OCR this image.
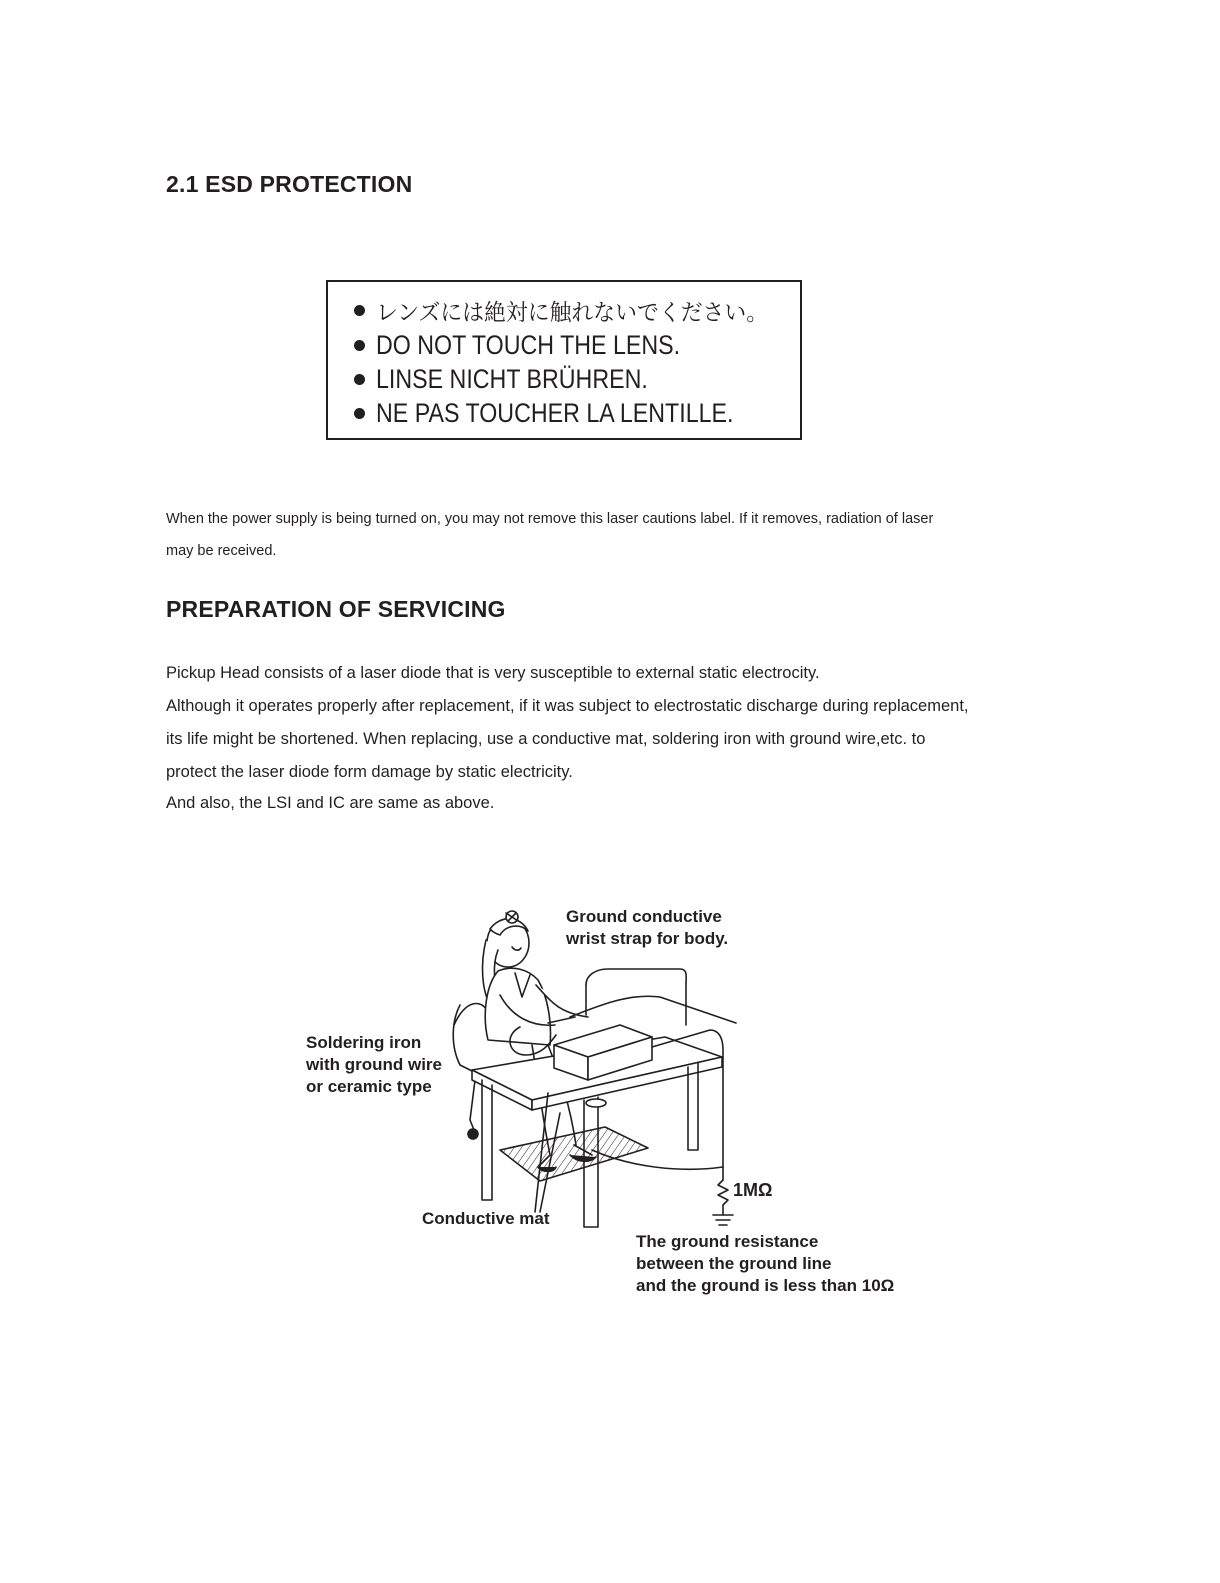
2.1 ESD PROTECTION
レンズには絶対に触れないでください。
DO NOT TOUCH THE LENS.
LINSE NICHT BRÜHREN.
NE PAS TOUCHER LA LENTILLE.
When the power supply is being turned on, you may not remove this laser cautions label. If it removes, radiation of laser
may be received.
PREPARATION OF SERVICING
Pickup Head consists of a laser diode that is very susceptible to external static electrocity.
Although it operates properly after replacement, if it was subject to electrostatic discharge during replacement,
its life might be shortened. When replacing, use a conductive mat, soldering iron with ground wire,etc. to
protect the laser diode form damage by static electricity.
And also, the LSI and IC are same as above.
Ground conductive
wrist strap for body.
Soldering iron
with ground wire
or ceramic type
Conductive mat
1MΩ
The ground resistance
between the ground line
and the ground is less than 10Ω
